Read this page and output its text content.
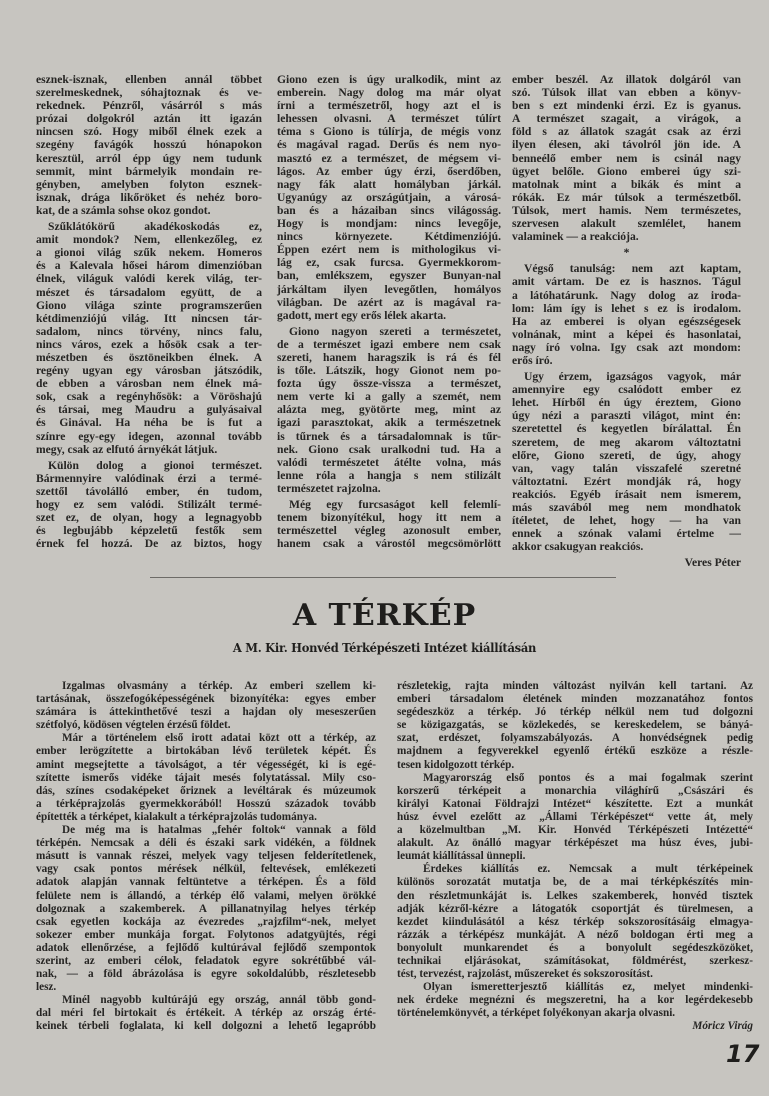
esznek-isznak, ellenben annál többet
szerelmeskednek, sóhajtoznak és ve-
rekednek. Pénzről, vásárról s más
prózai dolgokról aztán itt igazán
nincsen szó. Hogy miből élnek ezek a
szegény favágók hosszú hónapokon
keresztül, arról épp úgy nem tudunk
semmit, mint bármelyik mondain re-
gényben, amelyben folyton esznek-
isznak, drága likőröket és nehéz boro-
kat, de a számla sohse okoz gondot.
Szűklátókörű akadékoskodás ez,
amit mondok? Nem, ellenkezőleg, ez
a gionoi világ szűk nekem. Homeros
és a Kalevala hősei három dimenzióban
élnek, világuk valódi kerek világ, ter-
mészet és társadalom együtt, de a
Giono világa szinte programszerűen
kétdimenziójú világ. Itt nincsen tár-
sadalom, nincs törvény, nincs falu,
nincs város, ezek a hősök csak a ter-
mészetben és ösztöneikben élnek. A
regény ugyan egy városban játszódik,
de ebben a városban nem élnek má-
sok, csak a regényhősök: a Vöröshajú
és társai, meg Maudru a gulyásaival
és Ginával. Ha néha be is fut a
színre egy-egy idegen, azonnal tovább
megy, csak az elfutó árnyékát látjuk.
Külön dolog a gionoi természet.
Bármennyire valódinak érzi a termé-
szettől távolálló ember, én tudom,
hogy ez sem valódi. Stilizált termé-
szet ez, de olyan, hogy a legnagyobb
és legbujább képzeletű festők sem
érnek fel hozzá. De az biztos, hogy
Giono ezen is úgy uralkodik, mint az
emberein. Nagy dolog ma már olyat
írni a természetről, hogy azt el is
lehessen olvasni. A természet túlírt
téma s Giono is túlírja, de mégis vonz
és magával ragad. Derűs és nem nyo-
masztó ez a természet, de mégsem vi-
lágos. Az ember úgy érzi, őserdőben,
nagy fák alatt homályban járkál.
Ugyanúgy az országútjain, a városá-
ban és a házaiban sincs világosság.
Hogy is mondjam: nincs levegője,
nincs környezete. Kétdimenziójú.
Éppen ezért nem is mithologikus vi-
lág ez, csak furcsa. Gyermekkorom-
ban, emlékszem, egyszer Bunyan-nal
járkáltam ilyen levegőtlen, homályos
világban. De azért az is magával ra-
gadott, mert egy erős lélek akarta.
Giono nagyon szereti a természetet,
de a természet igazi embere nem csak
szereti, hanem haragszik is rá és fél
is tőle. Látszik, hogy Gionot nem po-
fozta úgy össze-vissza a természet,
nem verte ki a gally a szemét, nem
alázta meg, gyötörte meg, mint az
igazi parasztokat, akik a természetnek
is tűrnek és a társadalomnak is tűr-
nek. Giono csak uralkodni tud. Ha a
valódi természetet átélte volna, más
lenne róla a hangja s nem stilizált
természetet rajzolna.
Még egy furcsaságot kell felemlí-
tenem bizonyítékul, hogy itt nem a
természettel végleg azonosult ember,
hanem csak a várostól megcsömörlött
ember beszél. Az illatok dolgáról van
szó. Túlsok illat van ebben a könyv-
ben s ezt mindenki érzi. Ez is gyanus.
A természet szagait, a virágok, a
föld s az állatok szagát csak az érzi
ilyen élesen, aki távolról jön ide. A
benneélő ember nem is csinál nagy
ügyet belőle. Giono emberei úgy szi-
matolnak mint a bikák és mint a
rókák. Ez már túlsok a természetből.
Túlsok, mert hamis. Nem természetes,
szervesen alakult szemlélet, hanem
valaminek — a reakciója.
*
Végső tanulság: nem azt kaptam,
amit vártam. De ez is hasznos. Tágul
a látóhatárunk. Nagy dolog az iroda-
lom: lám így is lehet s ez is irodalom.
Ha az emberei is olyan egészségesek
volnának, mint a képei és hasonlatai,
nagy író volna. Igy csak azt mondom:
erős író.
Ugy érzem, igazságos vagyok, már
amennyire egy csalódott ember ez
lehet. Hírből én úgy éreztem, Giono
úgy nézi a paraszti világot, mint én:
szeretettel és kegyetlen bírálattal. Én
szeretem, de meg akarom változtatni
előre, Giono szereti, de úgy, ahogy
van, vagy talán visszafelé szeretné
változtatni. Ezért mondják rá, hogy
reakciós. Egyéb írásait nem ismerem,
más szavából meg nem mondhatok
ítéletet, de lehet, hogy — ha van
ennek a szónak valami értelme —
akkor csakugyan reakciós.
Veres Péter
A TÉRKÉP
A M. Kir. Honvéd Térképészeti Intézet kiállításán
Izgalmas olvasmány a térkép. Az emberi szellem ki-
tartásának, összefogóképességének bizonyítéka: egyes ember
számára is áttekinthetővé teszi a hajdan oly meseszerűen
szétfolyó, ködösen végtelen érzésű földet.
Már a történelem első irott adatai közt ott a térkép, az
ember lerögzítette a birtokában lévő területek képét. És
amint megsejtette a távolságot, a tér végességét, ki is egé-
szítette ismerős vidéke tájait mesés folytatással. Mily cso-
dás, színes csodaképeket őriznek a levéltárak és múzeumok
a térképrajzolás gyermekkorából! Hosszú századok tovább
építették a térképet, kialakult a térképrajzolás tudománya.
De még ma is hatalmas „fehér foltok“ vannak a föld
térképén. Nemcsak a déli és északi sark vidékén, a földnek
másutt is vannak részei, melyek vagy teljesen felderítetlenek,
vagy csak pontos mérések nélkül, feltevések, emlékezeti
adatok alapján vannak feltüntetve a térképen. És a föld
felülete nem is állandó, a térkép élő valami, melyen örökké
dolgoznak a szakemberek. A pillanatnyilag helyes térkép
csak egyetlen kockája az évezredes „rajzfilm“-nek, melyet
sokezer ember munkája forgat. Folytonos adatgyüjtés, régi
adatok ellenőrzése, a fejlődő kultúrával fejlődő szempontok
szerint, az emberi célok, feladatok egyre sokrétűbbé vál-
nak, — a föld ábrázolása is egyre sokoldalúbb, részletesebb
lesz.
Minél nagyobb kultúrájú egy ország, annál több gond-
dal méri fel birtokait és értékeit. A térkép az ország érté-
keinek térbeli foglalata, ki kell dolgozni a lehető legapróbb
részletekig, rajta minden változást nyilván kell tartani. Az
emberi társadalom életének minden mozzanatához fontos
segédeszköz a térkép. Jó térkép nélkül nem tud dolgozni
se közigazgatás, se közlekedés, se kereskedelem, se bányá-
szat, erdészet, folyamszabályozás. A honvédségnek pedig
majdnem a fegyverekkel egyenlő értékű eszköze a részle-
tesen kidolgozott térkép.
Magyarország első pontos és a mai fogalmak szerint
korszerű térképeit a monarchia világhírű „Császári és
királyi Katonai Földrajzi Intézet“ készítette. Ezt a munkát
húsz évvel ezelőtt az „Állami Térképészet“ vette át, mely
a közelmultban „M. Kir. Honvéd Térképészeti Intézetté“
alakult. Az önálló magyar térképészet ma húsz éves, jubi-
leumát kiállítással ünnepli.
Érdekes kiállítás ez. Nemcsak a mult térképeinek
különös sorozatát mutatja be, de a mai térképkészítés min-
den részletmunkáját is. Lelkes szakemberek, honvéd tisztek
adják kézről-kézre a látogatók csoportját és türelmesen, a
kezdet kiindulásától a kész térkép sokszorosításáig elmagya-
rázzák a térképész munkáját. A néző boldogan érti meg a
bonyolult munkarendet és a bonyolult segédeszközöket,
technikai eljárásokat, számításokat, földmérést, szerkesz-
tést, tervezést, rajzolást, műszereket és sokszorosítást.
Olyan ismeretterjesztő kiállítás ez, melyet mindenki-
nek érdeke megnézni és megszeretni, ha a kor legérdekesebb
történelemkönyvét, a térképet folyékonyan akarja olvasni.
Móricz Virág
17
